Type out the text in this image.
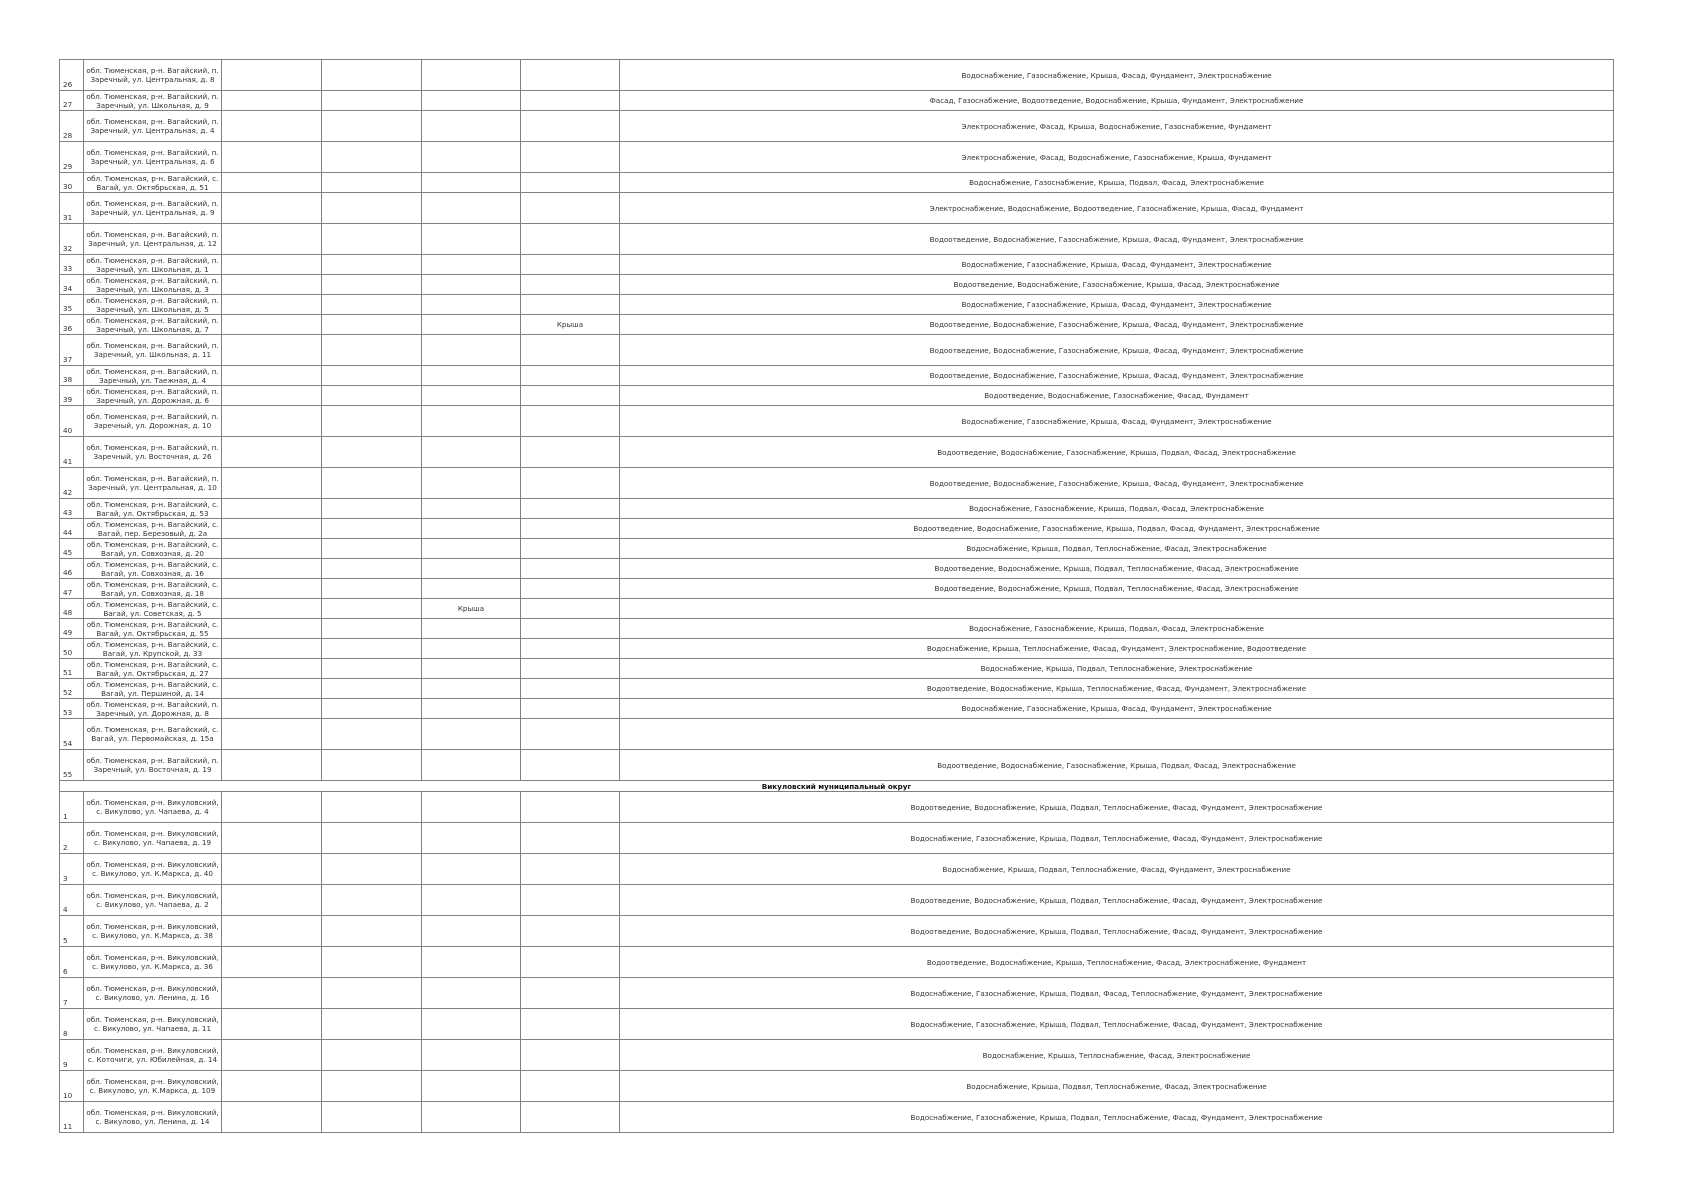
26	обл. Тюменская, р-н. Вагайский, п. Заречный, ул. Центральная, д. 8					Водоснабжение, Газоснабжение, Крыша, Фасад, Фундамент, Электроснабжение
27	обл. Тюменская, р-н. Вагайский, п. Заречный, ул. Школьная, д. 9					Фасад, Газоснабжение, Водоотведение, Водоснабжение, Крыша, Фундамент, Электроснабжение
28	обл. Тюменская, р-н. Вагайский, п. Заречный, ул. Центральная, д. 4					Электроснабжение, Фасад, Крыша, Водоснабжение, Газоснабжение, Фундамент
29	обл. Тюменская, р-н. Вагайский, п. Заречный, ул. Центральная, д. 6					Электроснабжение, Фасад, Водоснабжение, Газоснабжение, Крыша, Фундамент
30	обл. Тюменская, р-н. Вагайский, с. Вагай, ул. Октябрьская, д. 51					Водоснабжение, Газоснабжение, Крыша, Подвал, Фасад, Электроснабжение
31	обл. Тюменская, р-н. Вагайский, п. Заречный, ул. Центральная, д. 9					Электроснабжение, Водоснабжение, Водоотведение, Газоснабжение, Крыша, Фасад, Фундамент
32	обл. Тюменская, р-н. Вагайский, п. Заречный, ул. Центральная, д. 12					Водоотведение, Водоснабжение, Газоснабжение, Крыша, Фасад, Фундамент, Электроснабжение
33	обл. Тюменская, р-н. Вагайский, п. Заречный, ул. Школьная, д. 1					Водоснабжение, Газоснабжение, Крыша, Фасад, Фундамент, Электроснабжение
34	обл. Тюменская, р-н. Вагайский, п. Заречный, ул. Школьная, д. 3					Водоотведение, Водоснабжение, Газоснабжение, Крыша, Фасад, Электроснабжение
35	обл. Тюменская, р-н. Вагайский, п. Заречный, ул. Школьная, д. 5					Водоснабжение, Газоснабжение, Крыша, Фасад, Фундамент, Электроснабжение
36	обл. Тюменская, р-н. Вагайский, п. Заречный, ул. Школьная, д. 7				Крыша	Водоотведение, Водоснабжение, Газоснабжение, Крыша, Фасад, Фундамент, Электроснабжение
37	обл. Тюменская, р-н. Вагайский, п. Заречный, ул. Школьная, д. 11					Водоотведение, Водоснабжение, Газоснабжение, Крыша, Фасад, Фундамент, Электроснабжение
38	обл. Тюменская, р-н. Вагайский, п. Заречный, ул. Таежная, д. 4					Водоотведение, Водоснабжение, Газоснабжение, Крыша, Фасад, Фундамент, Электроснабжение
39	обл. Тюменская, р-н. Вагайский, п. Заречный, ул. Дорожная, д. 6					Водоотведение, Водоснабжение, Газоснабжение, Фасад, Фундамент
40	обл. Тюменская, р-н. Вагайский, п. Заречный, ул. Дорожная, д. 10					Водоснабжение, Газоснабжение, Крыша, Фасад, Фундамент, Электроснабжение
41	обл. Тюменская, р-н. Вагайский, п. Заречный, ул. Восточная, д. 26					Водоотведение, Водоснабжение, Газоснабжение, Крыша, Подвал, Фасад, Электроснабжение
42	обл. Тюменская, р-н. Вагайский, п. Заречный, ул. Центральная, д. 10					Водоотведение, Водоснабжение, Газоснабжение, Крыша, Фасад, Фундамент, Электроснабжение
43	обл. Тюменская, р-н. Вагайский, с. Вагай, ул. Октябрьская, д. 53					Водоснабжение, Газоснабжение, Крыша, Подвал, Фасад, Электроснабжение
44	обл. Тюменская, р-н. Вагайский, с. Вагай, пер. Березовый, д. 2а					Водоотведение, Водоснабжение, Газоснабжение, Крыша, Подвал, Фасад, Фундамент, Электроснабжение
45	обл. Тюменская, р-н. Вагайский, с. Вагай, ул. Совхозная, д. 20					Водоснабжение, Крыша, Подвал, Теплоснабжение, Фасад, Электроснабжение
46	обл. Тюменская, р-н. Вагайский, с. Вагай, ул. Совхозная, д. 16					Водоотведение, Водоснабжение, Крыша, Подвал, Теплоснабжение, Фасад, Электроснабжение
47	обл. Тюменская, р-н. Вагайский, с. Вагай, ул. Совхозная, д. 18					Водоотведение, Водоснабжение, Крыша, Подвал, Теплоснабжение, Фасад, Электроснабжение
48	обл. Тюменская, р-н. Вагайский, с. Вагай, ул. Советская, д. 5			Крыша		
49	обл. Тюменская, р-н. Вагайский, с. Вагай, ул. Октябрьская, д. 55					Водоснабжение, Газоснабжение, Крыша, Подвал, Фасад, Электроснабжение
50	обл. Тюменская, р-н. Вагайский, с. Вагай, ул. Крупской, д. 33					Водоснабжение, Крыша, Теплоснабжение, Фасад, Фундамент, Электроснабжение, Водоотведение
51	обл. Тюменская, р-н. Вагайский, с. Вагай, ул. Октябрьская, д. 27					Водоснабжение, Крыша, Подвал, Теплоснабжение, Электроснабжение
52	обл. Тюменская, р-н. Вагайский, с. Вагай, ул. Першиной, д. 14					Водоотведение, Водоснабжение, Крыша, Теплоснабжение, Фасад, Фундамент, Электроснабжение
53	обл. Тюменская, р-н. Вагайский, п. Заречный, ул. Дорожная, д. 8					Водоснабжение, Газоснабжение, Крыша, Фасад, Фундамент, Электроснабжение
54	обл. Тюменская, р-н. Вагайский, с. Вагай, ул. Первомайская, д. 15а					
55	обл. Тюменская, р-н. Вагайский, п. Заречный, ул. Восточная, д. 19					Водоотведение, Водоснабжение, Газоснабжение, Крыша, Подвал, Фасад, Электроснабжение
Викуловский муниципальный округ						
1	обл. Тюменская, р-н. Викуловский, с. Викулово, ул. Чапаева, д. 4					Водоотведение, Водоснабжение, Крыша, Подвал, Теплоснабжение, Фасад, Фундамент, Электроснабжение
2	обл. Тюменская, р-н. Викуловский, с. Викулово, ул. Чапаева, д. 19					Водоснабжение, Газоснабжение, Крыша, Подвал, Теплоснабжение, Фасад, Фундамент, Электроснабжение
3	обл. Тюменская, р-н. Викуловский, с. Викулово, ул. К.Маркса, д. 40					Водоснабжение, Крыша, Подвал, Теплоснабжение, Фасад, Фундамент, Электроснабжение
4	обл. Тюменская, р-н. Викуловский, с. Викулово, ул. Чапаева, д. 2					Водоотведение, Водоснабжение, Крыша, Подвал, Теплоснабжение, Фасад, Фундамент, Электроснабжение
5	обл. Тюменская, р-н. Викуловский, с. Викулово, ул. К.Маркса, д. 38					Водоотведение, Водоснабжение, Крыша, Подвал, Теплоснабжение, Фасад, Фундамент, Электроснабжение
6	обл. Тюменская, р-н. Викуловский, с. Викулово, ул. К.Маркса, д. 36					Водоотведение, Водоснабжение, Крыша, Теплоснабжение, Фасад, Электроснабжение, Фундамент
7	обл. Тюменская, р-н. Викуловский, с. Викулово, ул. Ленина, д. 16					Водоснабжение, Газоснабжение, Крыша, Подвал, Фасад, Теплоснабжение, Фундамент, Электроснабжение
8	обл. Тюменская, р-н. Викуловский, с. Викулово, ул. Чапаева, д. 11					Водоснабжение, Газоснабжение, Крыша, Подвал, Теплоснабжение, Фасад, Фундамент, Электроснабжение
9	обл. Тюменская, р-н. Викуловский, с. Коточиги, ул. Юбилейная, д. 14					Водоснабжение, Крыша, Теплоснабжение, Фасад, Электроснабжение
10	обл. Тюменская, р-н. Викуловский, с. Викулово, ул. К.Маркса, д. 109					Водоснабжение, Крыша, Подвал, Теплоснабжение, Фасад, Электроснабжение
11	обл. Тюменская, р-н. Викуловский, с. Викулово, ул. Ленина, д. 14					Водоснабжение, Газоснабжение, Крыша, Подвал, Теплоснабжение, Фасад, Фундамент, Электроснабжение
